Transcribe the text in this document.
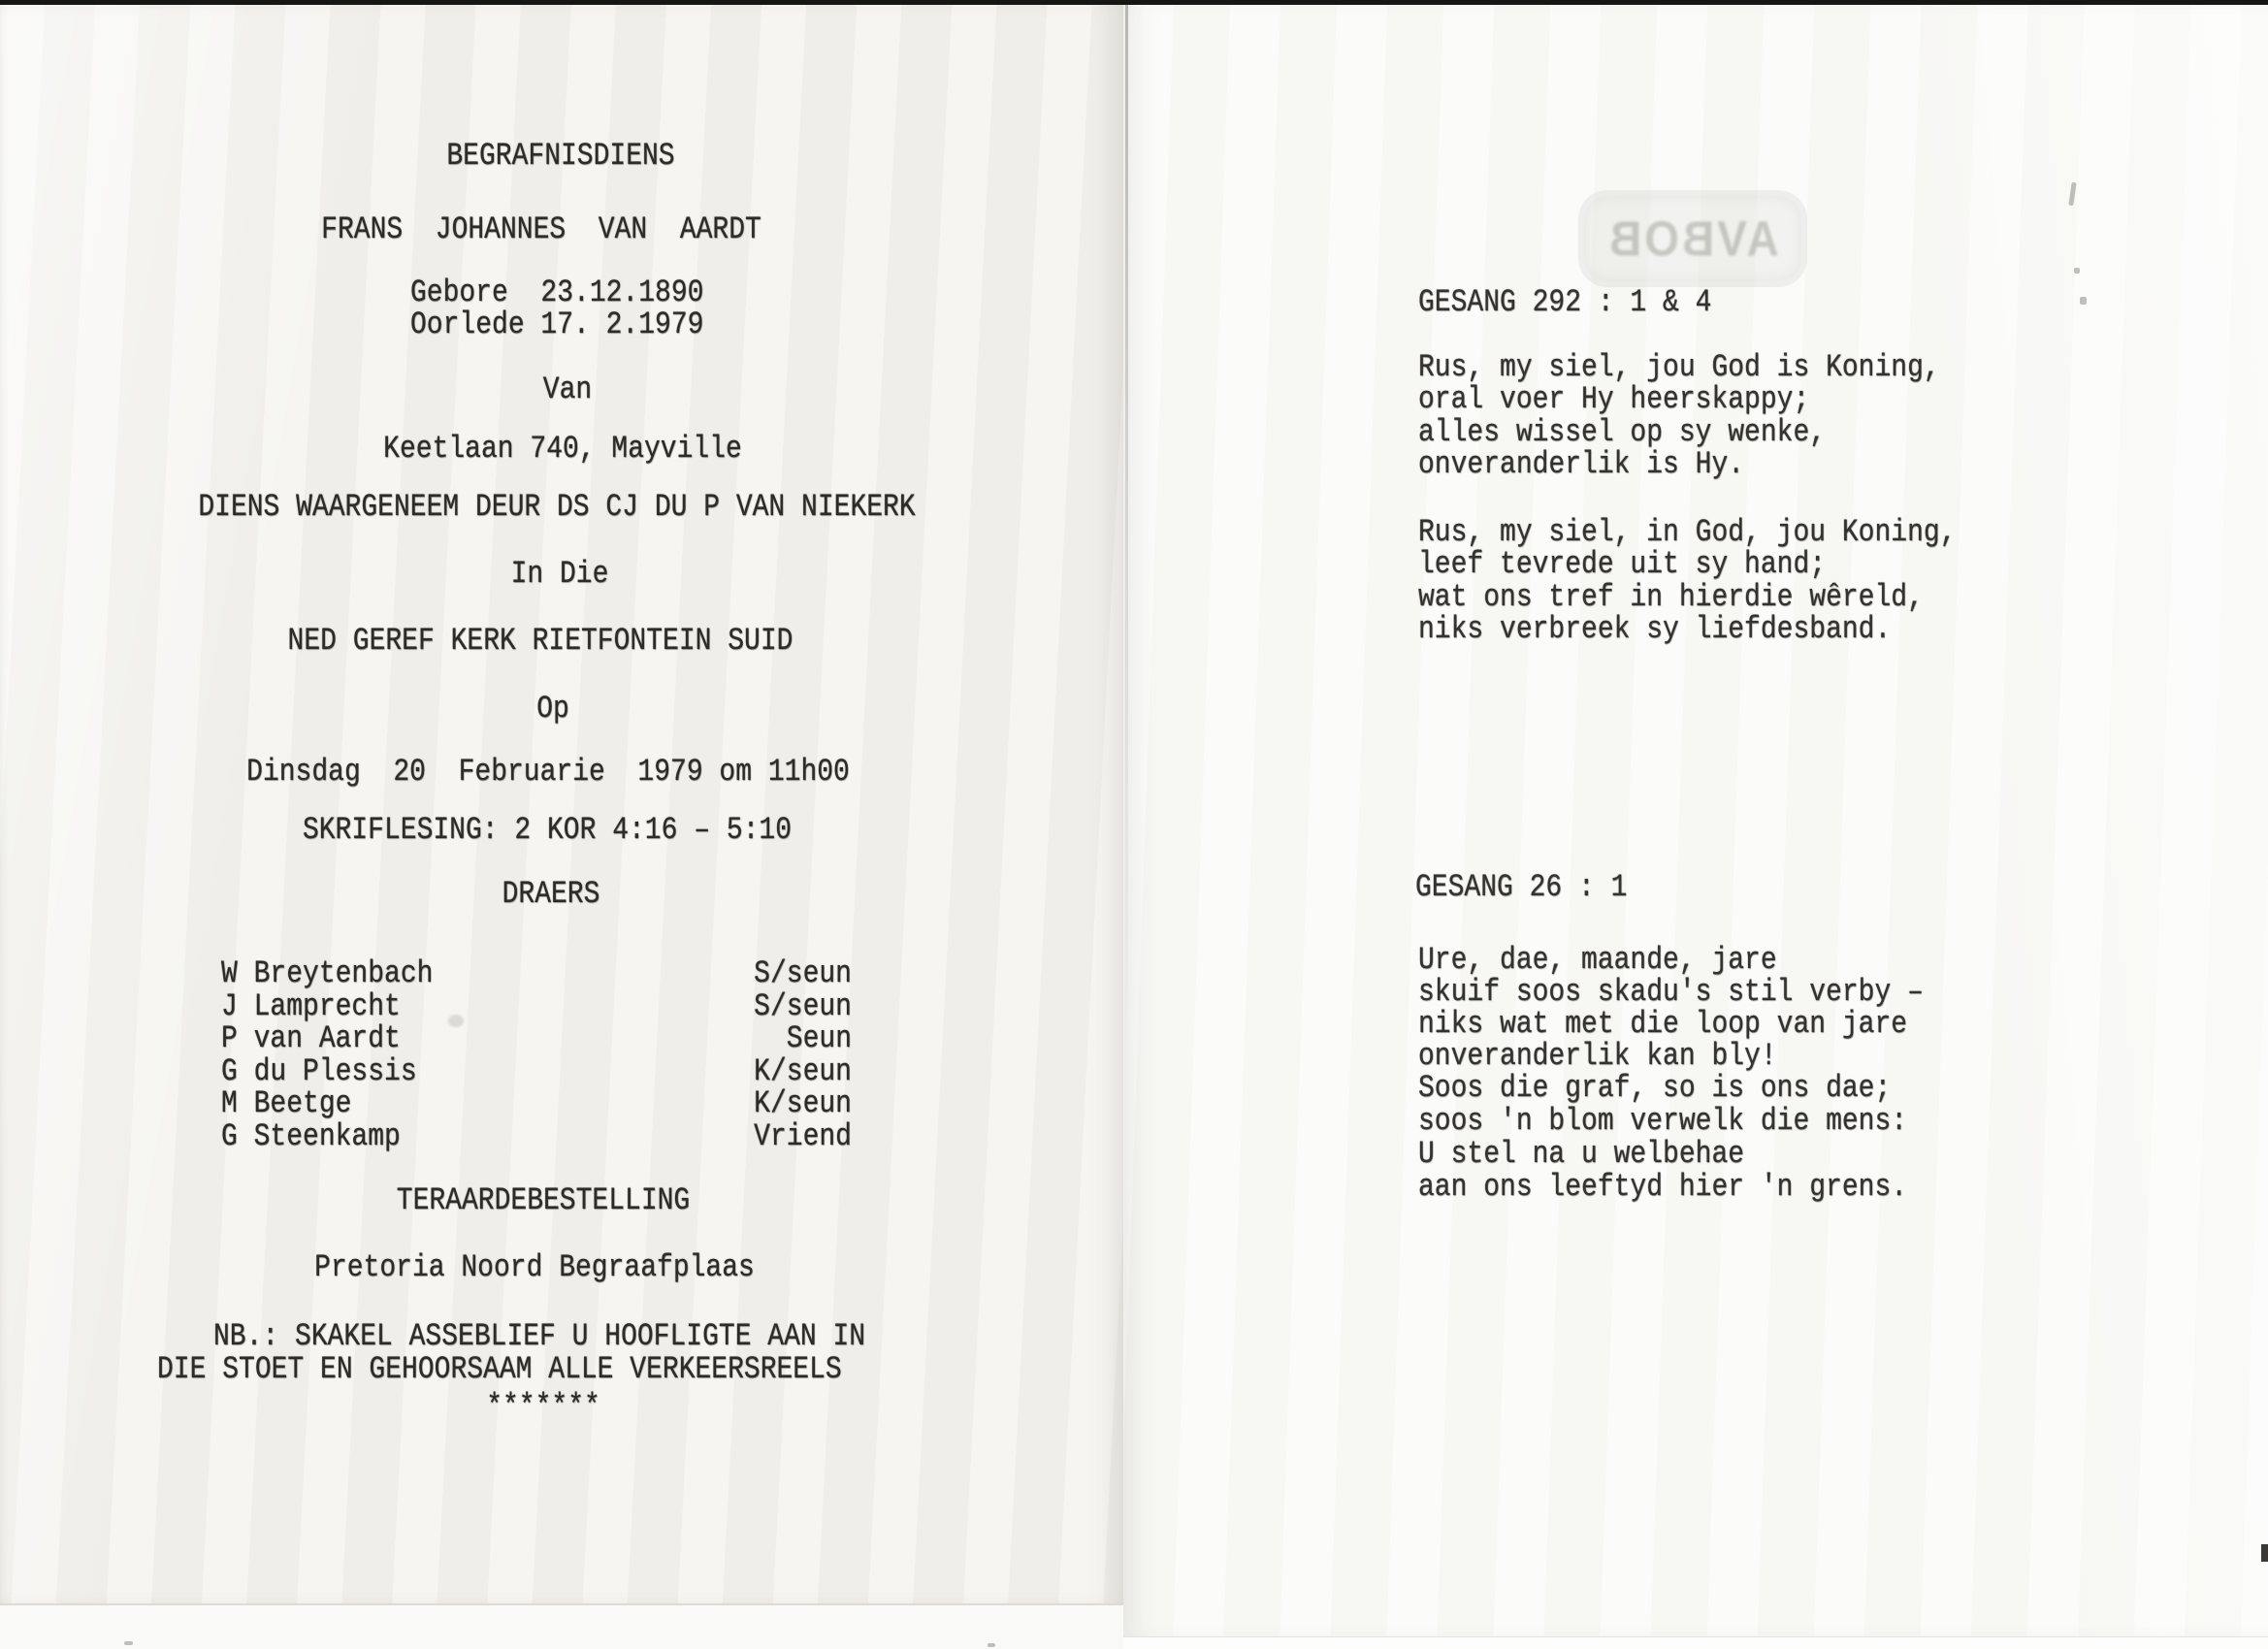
BEGRAFNISDIENS
FRANS  JOHANNES  VAN  AARDT
Gebore  23.12.1890
Oorlede 17. 2.1979
Van
Keetlaan 740, Mayville
DIENS WAARGENEEM DEUR DS CJ DU P VAN NIEKERK
In Die
NED GEREF KERK RIETFONTEIN SUID
Op
Dinsdag  20  Februarie  1979 om 11h00
SKRIFLESING: 2 KOR 4:16 – 5:10
DRAERS
W Breytenbach	S/seun
J Lamprecht	S/seun
P van Aardt	Seun
G du Plessis	K/seun
M Beetge	K/seun
G Steenkamp	Vriend
TERAARDEBESTELLING
Pretoria Noord Begraafplaas
NB.: SKAKEL ASSEBLIEF U HOOFLIGTE AAN IN
DIE STOET EN GEHOORSAAM ALLE VERKEERSREELS
*******
AVBOB
GESANG 292 : 1 & 4
Rus, my siel, jou God is Koning,
oral voer Hy heerskappy;
alles wissel op sy wenke,
onveranderlik is Hy.
Rus, my siel, in God, jou Koning,
leef tevrede uit sy hand;
wat ons tref in hierdie wêreld,
niks verbreek sy liefdesband.
GESANG 26 : 1
Ure, dae, maande, jare
skuif soos skadu's stil verby –
niks wat met die loop van jare
onveranderlik kan bly!
Soos die graf, so is ons dae;
soos 'n blom verwelk die mens:
U stel na u welbehae
aan ons leeftyd hier 'n grens.
